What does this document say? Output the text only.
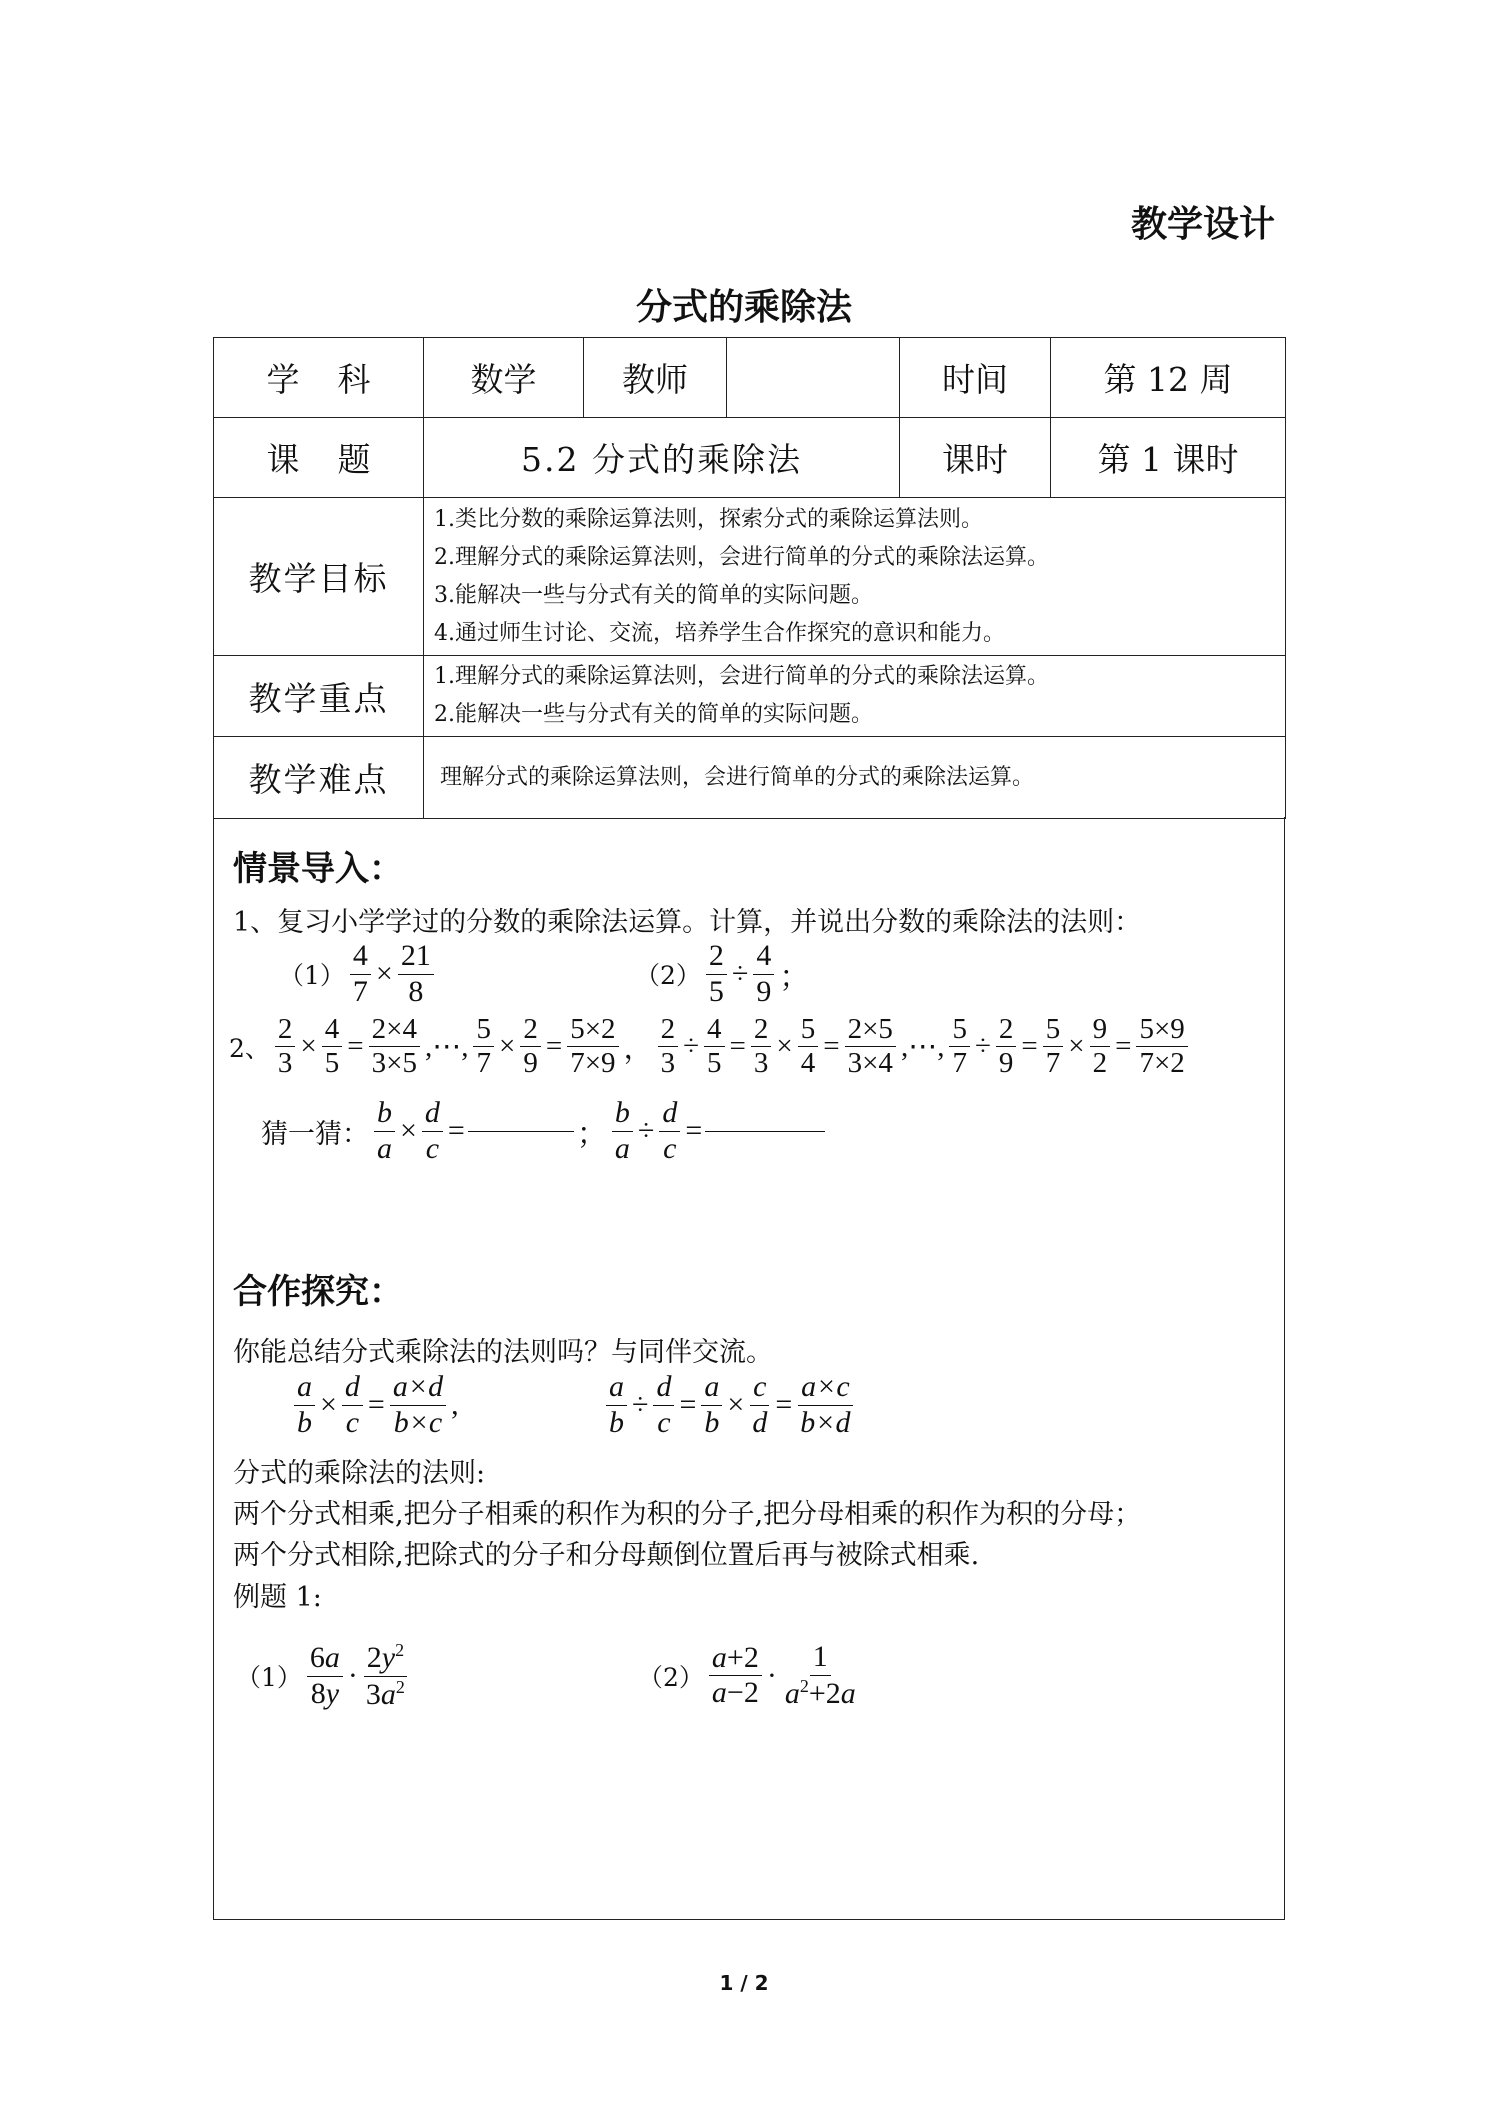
教学设计
分式的乘除法
学科	数学	教师		时间	第 12 周
课题	5.2 分式的乘除法			课时	第 1 课时
教学目标	1.类比分数的乘除运算法则，探索分式的乘除运算法则。
2.理解分式的乘除运算法则，会进行简单的分式的乘除法运算。
3.能解决一些与分式有关的简单的实际问题。
4.通过师生讨论、交流，培养学生合作探究的意识和能力。				

教学重点	1.理解分式的乘除运算法则，会进行简单的分式的乘除法运算。
2.能解决一些与分式有关的简单的实际问题。				

教学难点	理解分式的乘除运算法则，会进行简单的分式的乘除法运算。				
情景导入：
1、复习小学学过的分数的乘除法运算。计算，并说出分数的乘除法的法则：
$(1) \frac{4}{7} \times \frac{21}{8}$	$(2) \frac{2}{5} \div \frac{4}{9}$ ；
2、 $\frac{2}{3} \times \frac{4}{5} = \frac{2\times 4}{3\times 5}$ ,⋯, $\frac{5}{7} \times \frac{2}{9} = \frac{5\times 2}{7\times 9}$ ， $\frac{2}{3} \div \frac{4}{5} = \frac{2}{3} \times \frac{5}{4} = \frac{2\times 5}{3\times 4}$ ,⋯, $\frac{5}{7} \div \frac{2}{9} = \frac{5}{7} \times \frac{9}{2} = \frac{5\times 9}{7\times 2}$
猜一猜： $\frac{b}{a} \times \frac{d}{c}$ =	； $\frac{b}{a} \div \frac{d}{c}$ =
合作探究：
你能总结分式乘除法的法则吗？与同伴交流。
$\frac{a}{b} \times \frac{d}{c} = \frac{a\times d}{b\times c}$ ,	$\frac{a}{b} \div \frac{d}{c} = \frac{a}{b} \times \frac{c}{d} = \frac{a\times c}{b\times d}$
分式的乘除法的法则:
两个分式相乘,把分子相乘的积作为积的分子,把分母相乘的积作为积的分母；
两个分式相除,把除式的分子和分母颠倒位置后再与被除式相乘.
例题 1:
$(1) \frac{6a}{8y} \cdot \frac{2y^2}{3a^2}$	$(2) \frac{a+2}{a-2} \cdot \frac{1}{a^2+2a}$
1 / 2
